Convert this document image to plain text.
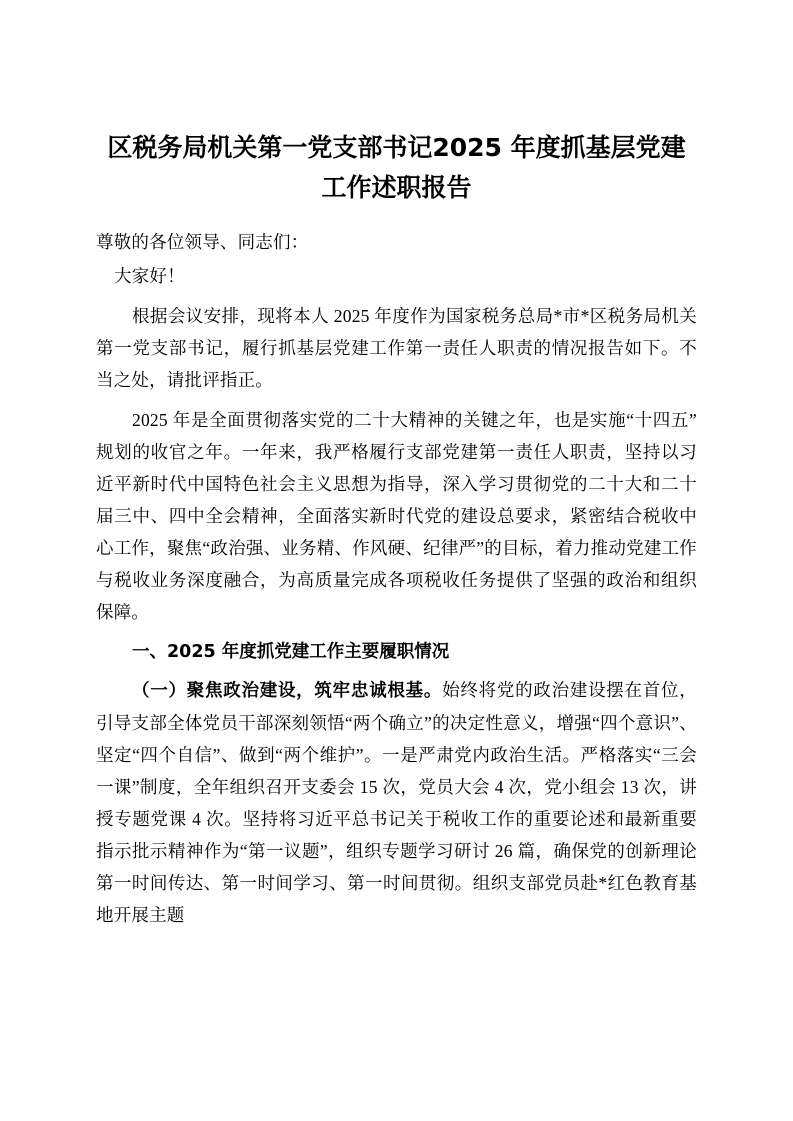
区税务局机关第一党支部书记2025 年度抓基层党建工作述职报告

尊敬的各位领导、同志们：

大家好！

根据会议安排，现将本人 2025 年度作为国家税务总局*市*区税务局机关第一党支部书记，履行抓基层党建工作第一责任人职责的情况报告如下。不当之处，请批评指正。

2025 年是全面贯彻落实党的二十大精神的关键之年，也是实施“十四五”规划的收官之年。一年来，我严格履行支部党建第一责任人职责，坚持以习近平新时代中国特色社会主义思想为指导，深入学习贯彻党的二十大和二十届三中、四中全会精神，全面落实新时代党的建设总要求，紧密结合税收中心工作，聚焦“政治强、业务精、作风硬、纪律严”的目标，着力推动党建工作与税收业务深度融合，为高质量完成各项税收任务提供了坚强的政治和组织保障。

一、2025 年度抓党建工作主要履职情况

（一）聚焦政治建设，筑牢忠诚根基。始终将党的政治建设摆在首位，引导支部全体党员干部深刻领悟“两个确立”的决定性意义，增强“四个意识”、坚定“四个自信”、做到“两个维护”。一是严肃党内政治生活。严格落实“三会一课”制度，全年组织召开支委会 15 次，党员大会 4 次，党小组会 13 次，讲授专题党课 4 次。坚持将习近平总书记关于税收工作的重要论述和最新重要指示批示精神作为“第一议题”，组织专题学习研讨 26 篇，确保党的创新理论第一时间传达、第一时间学习、第一时间贯彻。组织支部党员赴*红色教育基地开展主题
